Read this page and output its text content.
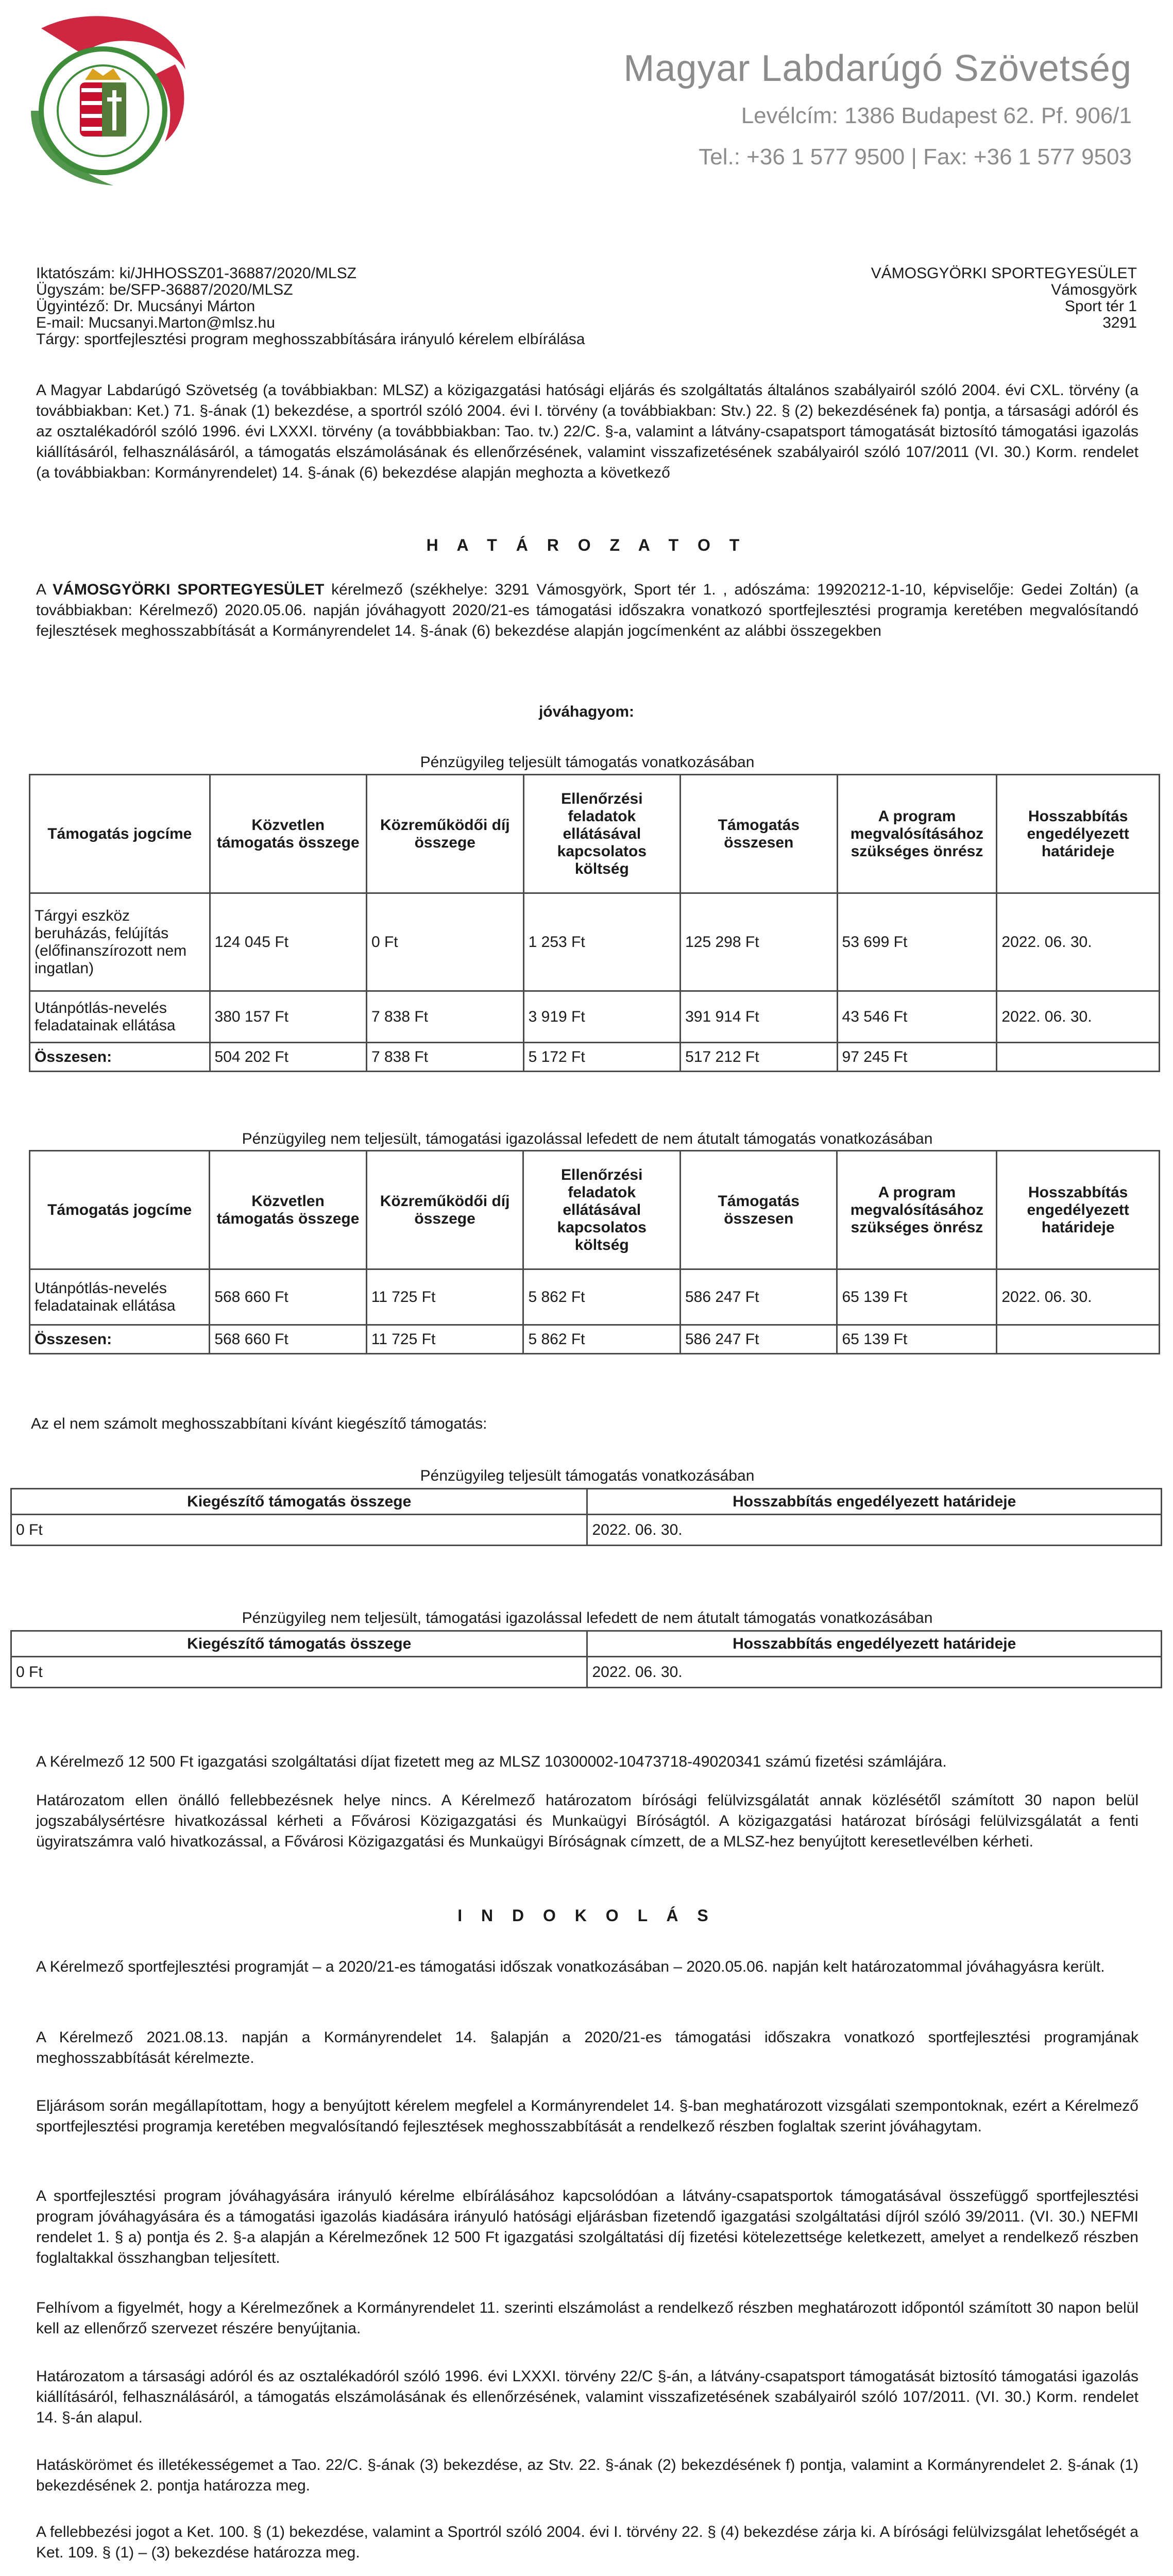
Magyar Labdarúgó Szövetség
Levélcím: 1386 Budapest 62. Pf. 906/1
Tel.: +36 1 577 9500 | Fax: +36 1 577 9503
Iktatószám: ki/JHHOSSZ01-36887/2020/MLSZ
Ügyszám: be/SFP-36887/2020/MLSZ
Ügyintéző: Dr. Mucsányi Márton
E-mail: Mucsanyi.Marton@mlsz.hu
Tárgy: sportfejlesztési program meghosszabbítására irányuló kérelem elbírálása
VÁMOSGYÖRKI SPORTEGYESÜLET
Vámosgyörk
Sport tér 1
3291
A Magyar Labdarúgó Szövetség (a továbbiakban: MLSZ) a közigazgatási hatósági eljárás és szolgáltatás általános szabályairól szóló 2004. évi CXL. törvény (a továbbiakban: Ket.) 71. §-ának (1) bekezdése, a sportról szóló 2004. évi I. törvény (a továbbiakban: Stv.) 22. § (2) bekezdésének fa) pontja, a társasági adóról és az osztalékadóról szóló 1996. évi LXXXI. törvény (a továbbbiakban: Tao. tv.) 22/C. §-a, valamint a látvány-csapatsport támogatását biztosító támogatási igazolás kiállításáról, felhasználásáról, a támogatás elszámolásának és ellenőrzésének, valamint visszafizetésének szabályairól szóló 107/2011 (VI. 30.) Korm. rendelet (a továbbiakban: Kormányrendelet) 14. §-ának (6) bekezdése alapján meghozta a következő
H A T Á R O Z A T O T
A VÁMOSGYÖRKI SPORTEGYESÜLET kérelmező (székhelye: 3291 Vámosgyörk, Sport tér 1. , adószáma: 19920212-1-10, képviselője: Gedei Zoltán) (a továbbiakban: Kérelmező) 2020.05.06. napján jóváhagyott 2020/21-es támogatási időszakra vonatkozó sportfejlesztési programja keretében megvalósítandó fejlesztések meghosszabbítását a Kormányrendelet 14. §-ának (6) bekezdése alapján jogcímenként az alábbi összegekben
jóváhagyom:
Pénzügyileg teljesült támogatás vonatkozásában
Támogatás jogcíme	Közvetlen támogatás összege	Közreműködői díj összege	Ellenőrzési feladatok ellátásával kapcsolatos költség	Támogatás összesen	A program megvalósításához szükséges önrész	Hosszabbítás engedélyezett határideje
Tárgyi eszköz beruházás, felújítás (előfinanszírozott nem ingatlan)	124 045 Ft	0 Ft	1 253 Ft	125 298 Ft	53 699 Ft	2022. 06. 30.
Utánpótlás-nevelés feladatainak ellátása	380 157 Ft	7 838 Ft	3 919 Ft	391 914 Ft	43 546 Ft	2022. 06. 30.
Összesen:	504 202 Ft	7 838 Ft	5 172 Ft	517 212 Ft	97 245 Ft	
Pénzügyileg nem teljesült, támogatási igazolással lefedett de nem átutalt támogatás vonatkozásában
Támogatás jogcíme	Közvetlen támogatás összege	Közreműködői díj összege	Ellenőrzési feladatok ellátásával kapcsolatos költség	Támogatás összesen	A program megvalósításához szükséges önrész	Hosszabbítás engedélyezett határideje
Utánpótlás-nevelés feladatainak ellátása	568 660 Ft	11 725 Ft	5 862 Ft	586 247 Ft	65 139 Ft	2022. 06. 30.
Összesen:	568 660 Ft	11 725 Ft	5 862 Ft	586 247 Ft	65 139 Ft	
Az el nem számolt meghosszabbítani kívánt kiegészítő támogatás:
Pénzügyileg teljesült támogatás vonatkozásában
Kiegészítő támogatás összege	Hosszabbítás engedélyezett határideje
0 Ft	2022. 06. 30.
Pénzügyileg nem teljesült, támogatási igazolással lefedett de nem átutalt támogatás vonatkozásában
Kiegészítő támogatás összege	Hosszabbítás engedélyezett határideje
0 Ft	2022. 06. 30.
A Kérelmező 12 500 Ft igazgatási szolgáltatási díjat fizetett meg az MLSZ 10300002-10473718-49020341 számú fizetési számlájára.
Határozatom ellen önálló fellebbezésnek helye nincs. A Kérelmező határozatom bírósági felülvizsgálatát annak közlésétől számított 30 napon belül jogszabálysértésre hivatkozással kérheti a Fővárosi Közigazgatási és Munkaügyi Bíróságtól. A közigazgatási határozat bírósági felülvizsgálatát a fenti ügyiratszámra való hivatkozással, a Fővárosi Közigazgatási és Munkaügyi Bíróságnak címzett, de a MLSZ-hez benyújtott keresetlevélben kérheti.
I N D O K O L Á S
A Kérelmező sportfejlesztési programját – a 2020/21-es támogatási időszak vonatkozásában – 2020.05.06. napján kelt határozatommal jóváhagyásra került.
A Kérelmező 2021.08.13. napján a Kormányrendelet 14. §alapján a 2020/21-es támogatási időszakra vonatkozó sportfejlesztési programjának meghosszabbítását kérelmezte.
Eljárásom során megállapítottam, hogy a benyújtott kérelem megfelel a Kormányrendelet 14. §-ban meghatározott vizsgálati szempontoknak, ezért a Kérelmező sportfejlesztési programja keretében megvalósítandó fejlesztések meghosszabbítását a rendelkező részben foglaltak szerint jóváhagytam.
A sportfejlesztési program jóváhagyására irányuló kérelme elbírálásához kapcsolódóan a látvány-csapatsportok támogatásával összefüggő sportfejlesztési program jóváhagyására és a támogatási igazolás kiadására irányuló hatósági eljárásban fizetendő igazgatási szolgáltatási díjról szóló 39/2011. (VI. 30.) NEFMI rendelet 1. § a) pontja és 2. §-a alapján a Kérelmezőnek 12 500 Ft igazgatási szolgáltatási díj fizetési kötelezettsége keletkezett, amelyet a rendelkező részben foglaltakkal összhangban teljesített.
Felhívom a figyelmét, hogy a Kérelmezőnek a Kormányrendelet 11. szerinti elszámolást a rendelkező részben meghatározott időpontól számított 30 napon belül kell az ellenőrző szervezet részére benyújtania.
Határozatom a társasági adóról és az osztalékadóról szóló 1996. évi LXXXI. törvény 22/C §-án, a látvány-csapatsport támogatását biztosító támogatási igazolás kiállításáról, felhasználásáról, a támogatás elszámolásának és ellenőrzésének, valamint visszafizetésének szabályairól szóló 107/2011. (VI. 30.) Korm. rendelet 14. §-án alapul.
Hatáskörömet és illetékességemet a Tao. 22/C. §-ának (3) bekezdése, az Stv. 22. §-ának (2) bekezdésének f) pontja, valamint a Kormányrendelet 2. §-ának (1) bekezdésének 2. pontja határozza meg.
A fellebbezési jogot a Ket. 100. § (1) bekezdése, valamint a Sportról szóló 2004. évi I. törvény 22. § (4) bekezdése zárja ki. A bírósági felülvizsgálat lehetőségét a Ket. 109. § (1) – (3) bekezdése határozza meg.
